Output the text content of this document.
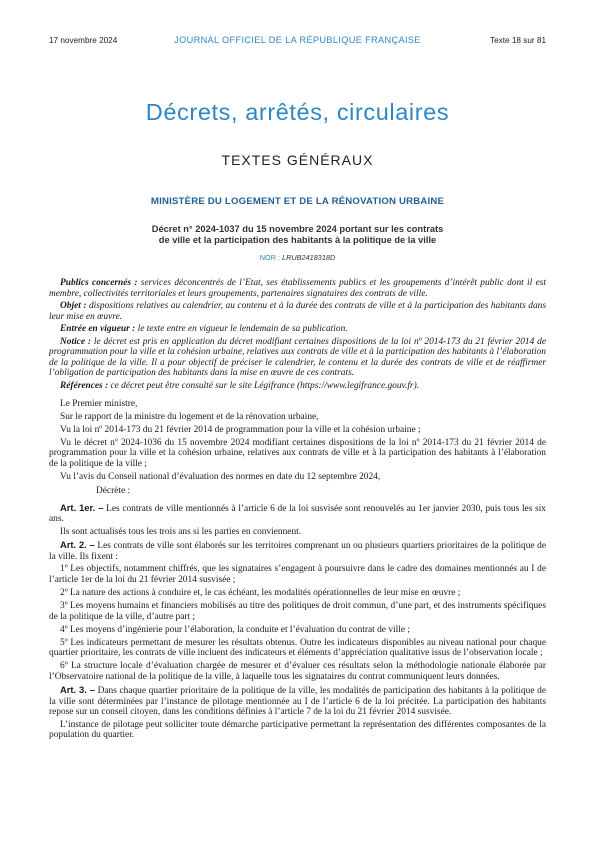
17 novembre 2024	JOURNAL OFFICIEL DE LA RÉPUBLIQUE FRANÇAISE	Texte 18 sur 81
Décrets, arrêtés, circulaires
TEXTES GÉNÉRAUX
MINISTÈRE DU LOGEMENT ET DE LA RÉNOVATION URBAINE
Décret n° 2024-1037 du 15 novembre 2024 portant sur les contrats
de ville et la participation des habitants à la politique de la ville
NOR : LRUB2418318D

Publics concernés : services déconcentrés de l’Etat, ses établissements publics et les groupements d’intérêt public dont il est membre, collectivités territoriales et leurs groupements, partenaires signataires des contrats de ville.

Objet : dispositions relatives au calendrier, au contenu et à la durée des contrats de ville et à la participation des habitants dans leur mise en œuvre.

Entrée en vigueur : le texte entre en vigueur le lendemain de sa publication.

Notice : le décret est pris en application du décret modifiant certaines dispositions de la loi nº 2014-173 du 21 février 2014 de programmation pour la ville et la cohésion urbaine, relatives aux contrats de ville et à la participation des habitants à l’élaboration de la politique de la ville. Il a pour objectif de préciser le calendrier, le contenu et la durée des contrats de ville et de réaffirmer l’obligation de participation des habitants dans la mise en œuvre de ces contrats.

Références : ce décret peut être consulté sur le site Légifrance (https://www.legifrance.gouv.fr).

Le Premier ministre,

Sur le rapport de la ministre du logement et de la rénovation urbaine,

Vu la loi nº 2014-173 du 21 février 2014 de programmation pour la ville et la cohésion urbaine ;

Vu le décret nº 2024-1036 du 15 novembre 2024 modifiant certaines dispositions de la loi nº 2014-173 du 21 février 2014 de programmation pour la ville et la cohésion urbaine, relatives aux contrats de ville et à la participation des habitants à l’élaboration de la politique de la ville ;

Vu l’avis du Conseil national d’évaluation des normes en date du 12 septembre 2024,

Décrète :

Art. 1er. – Les contrats de ville mentionnés à l’article 6 de la loi susvisée sont renouvelés au 1er janvier 2030, puis tous les six ans.

Ils sont actualisés tous les trois ans si les parties en conviennent.

Art. 2. – Les contrats de ville sont élaborés sur les territoires comprenant un ou plusieurs quartiers prioritaires de la politique de la ville. Ils fixent :

1º Les objectifs, notamment chiffrés, que les signataires s’engagent à poursuivre dans le cadre des domaines mentionnés au I de l’article 1er de la loi du 21 février 2014 susvisée ;

2º La nature des actions à conduire et, le cas échéant, les modalités opérationnelles de leur mise en œuvre ;

3º Les moyens humains et financiers mobilisés au titre des politiques de droit commun, d’une part, et des instruments spécifiques de la politique de la ville, d’autre part ;

4º Les moyens d’ingénierie pour l’élaboration, la conduite et l’évaluation du contrat de ville ;

5º Les indicateurs permettant de mesurer les résultats obtenus. Outre les indicateurs disponibles au niveau national pour chaque quartier prioritaire, les contrats de ville incluent des indicateurs et éléments d’appréciation qualitative issus de l’observation locale ;

6º La structure locale d’évaluation chargée de mesurer et d’évaluer ces résultats selon la méthodologie nationale élaborée par l’Observatoire national de la politique de la ville, à laquelle tous les signataires du contrat communiquent leurs données.

Art. 3. – Dans chaque quartier prioritaire de la politique de la ville, les modalités de participation des habitants à la politique de la ville sont déterminées par l’instance de pilotage mentionnée au I de l’article 6 de la loi précitée. La participation des habitants repose sur un conseil citoyen, dans les conditions définies à l’article 7 de la loi du 21 février 2014 susvisée.

L’instance de pilotage peut solliciter toute démarche participative permettant la représentation des différentes composantes de la population du quartier.
